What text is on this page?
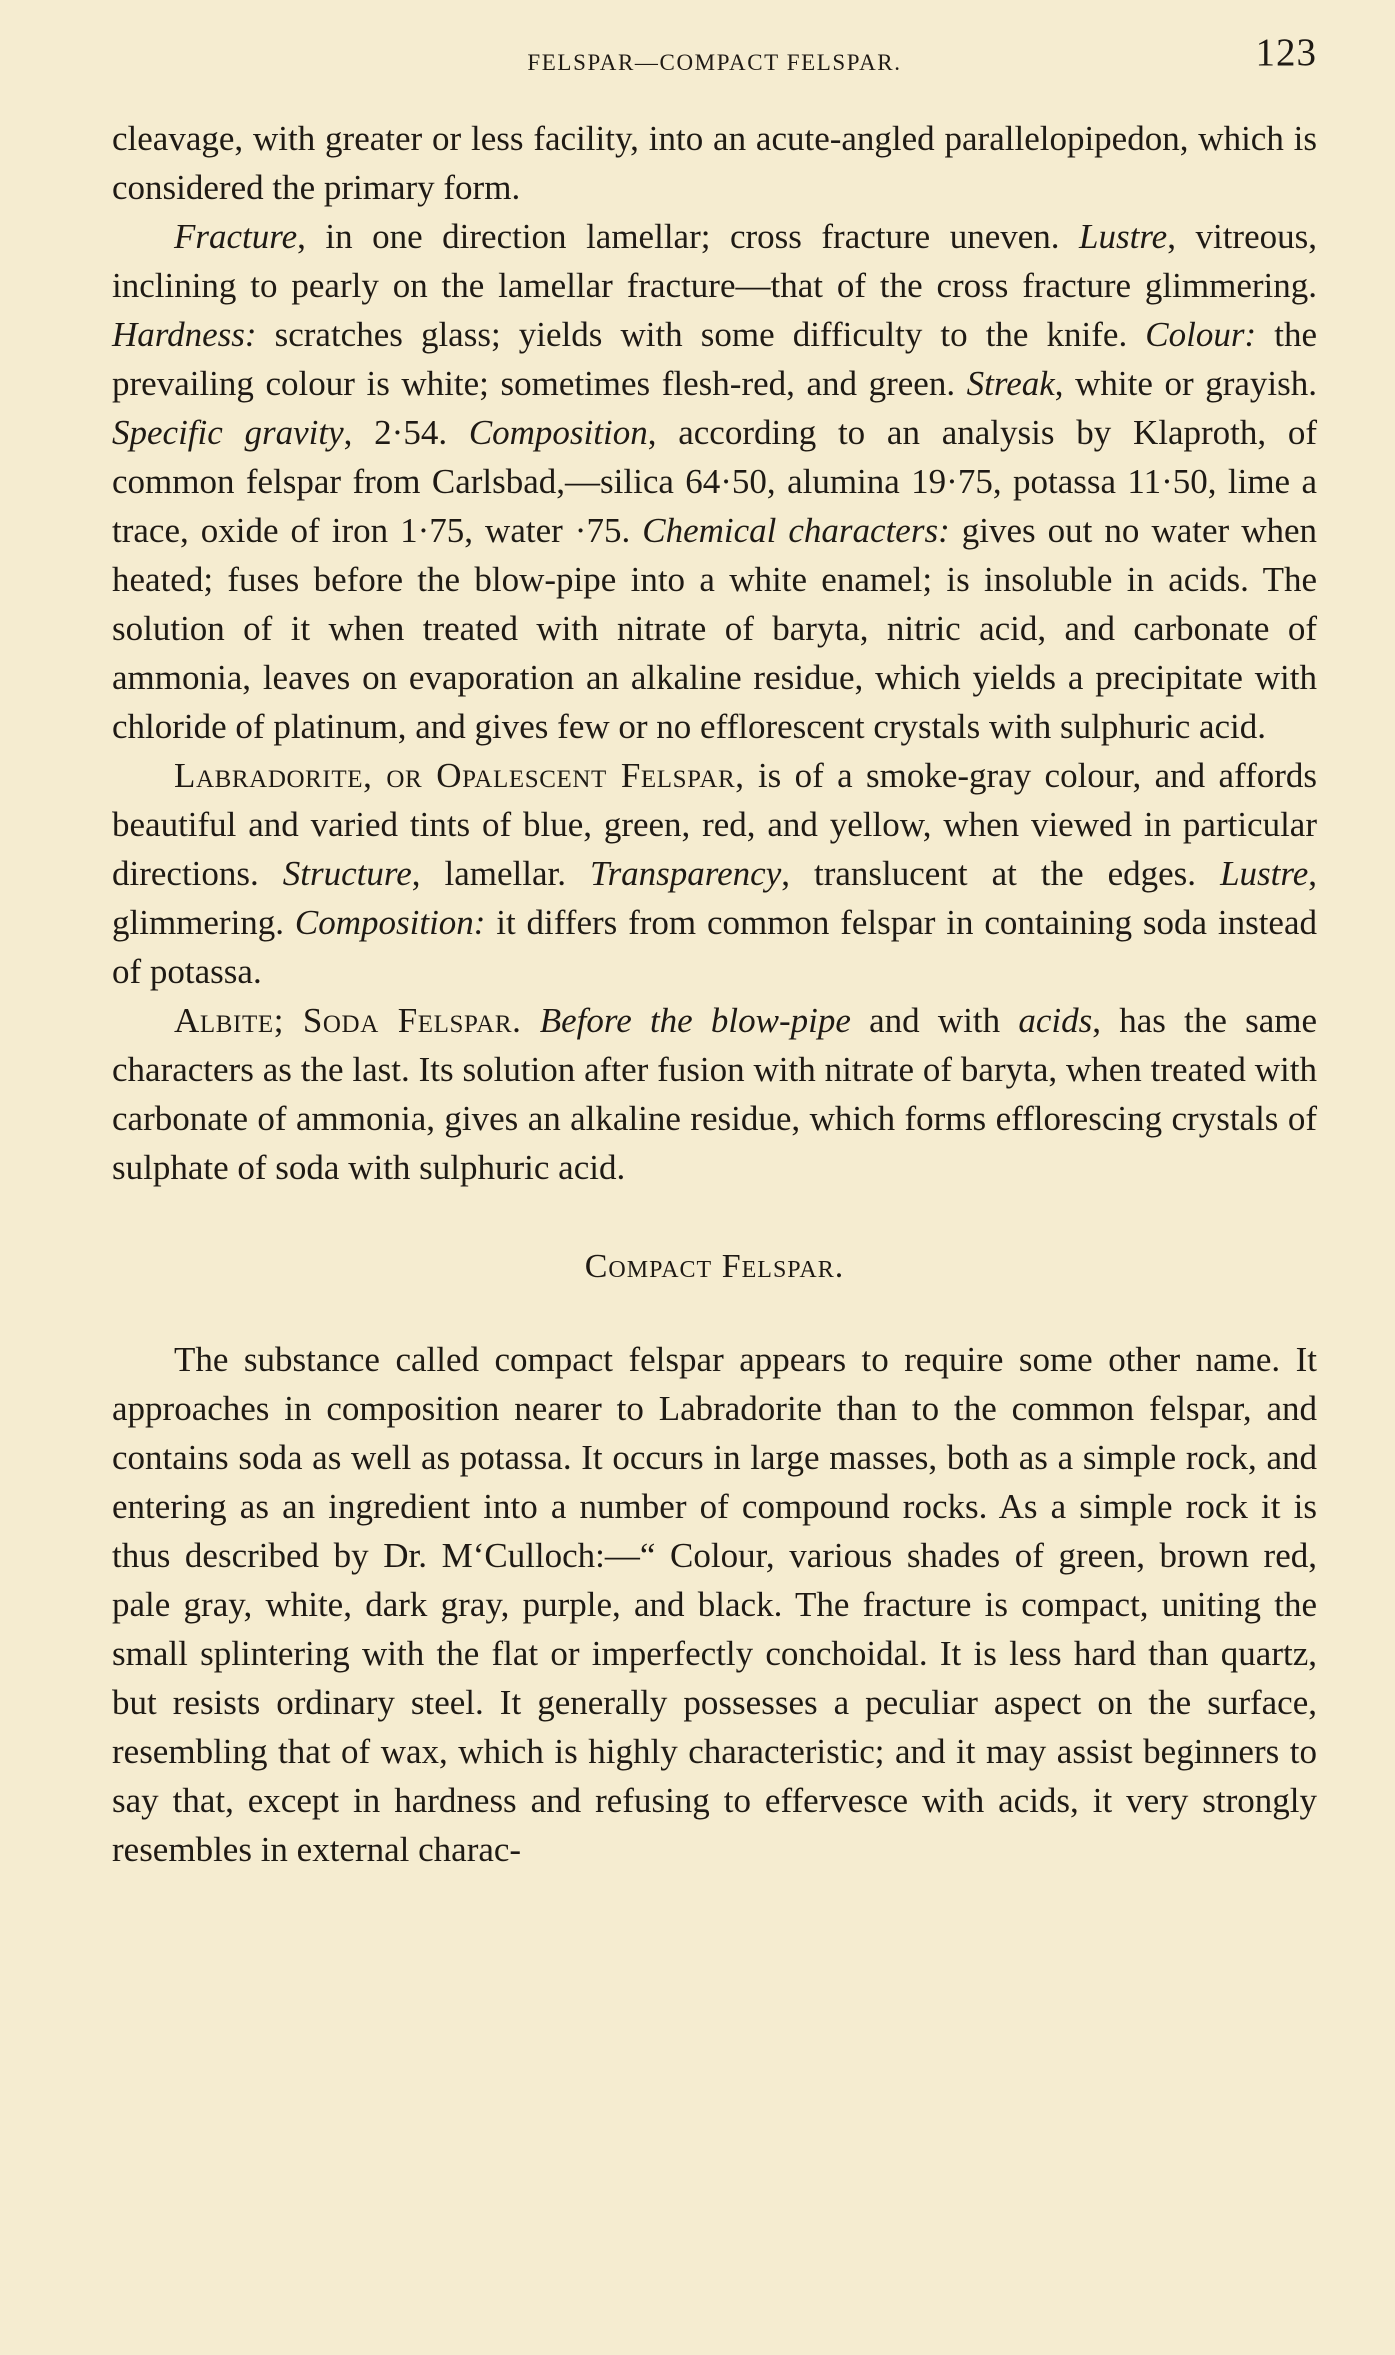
FELSPAR—COMPACT FELSPAR.	123

cleavage, with greater or less facility, into an acute-angled parallelopipedon, which is considered the primary form.

Fracture, in one direction lamellar; cross fracture uneven. Lustre, vitreous, inclining to pearly on the lamellar fracture—that of the cross fracture glimmering. Hardness: scratches glass; yields with some difficulty to the knife. Colour: the prevailing colour is white; sometimes flesh-red, and green. Streak, white or grayish. Specific gravity, 2·54. Composition, according to an analysis by Klaproth, of common felspar from Carlsbad,—silica 64·50, alumina 19·75, potassa 11·50, lime a trace, oxide of iron 1·75, water ·75. Chemical characters: gives out no water when heated; fuses before the blow-pipe into a white enamel; is insoluble in acids. The solution of it when treated with nitrate of baryta, nitric acid, and carbonate of ammonia, leaves on evaporation an alkaline residue, which yields a precipitate with chloride of platinum, and gives few or no efflorescent crystals with sulphuric acid.

Labradorite, or Opalescent Felspar, is of a smoke-gray colour, and affords beautiful and varied tints of blue, green, red, and yellow, when viewed in particular directions. Structure, lamellar. Transparency, translucent at the edges. Lustre, glimmering. Composition: it differs from common felspar in containing soda instead of potassa.

Albite; Soda Felspar. Before the blow-pipe and with acids, has the same characters as the last. Its solution after fusion with nitrate of baryta, when treated with carbonate of ammonia, gives an alkaline residue, which forms efflorescing crystals of sulphate of soda with sulphuric acid.

Compact Felspar.

The substance called compact felspar appears to require some other name. It approaches in composition nearer to Labradorite than to the common felspar, and contains soda as well as potassa. It occurs in large masses, both as a simple rock, and entering as an ingredient into a number of compound rocks. As a simple rock it is thus described by Dr. M‘Culloch:—“ Colour, various shades of green, brown red, pale gray, white, dark gray, purple, and black. The fracture is compact, uniting the small splintering with the flat or imperfectly conchoidal. It is less hard than quartz, but resists ordinary steel. It generally possesses a peculiar aspect on the surface, resembling that of wax, which is highly characteristic; and it may assist beginners to say that, except in hardness and refusing to effervesce with acids, it very strongly resembles in external charac-
